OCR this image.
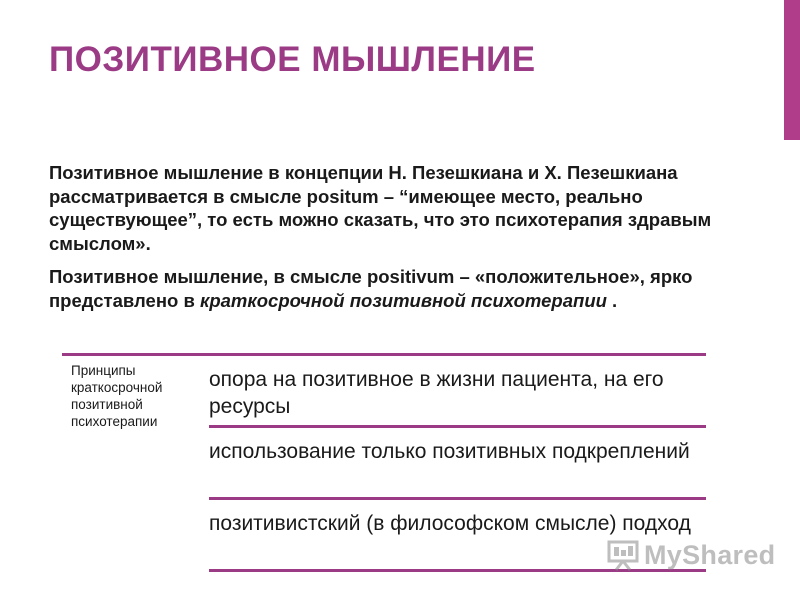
ПОЗИТИВНОЕ МЫШЛЕНИЕ

Позитивное мышление в концепции Н. Пезешкиана и Х. Пезешкиана рассматривается в смысле positum – “имеющее место, реально существующее”, то есть можно сказать, что это психотерапия здравым смыслом».

Позитивное мышление, в смысле positivum – «положительное», ярко представлено в краткосрочной позитивной психотерапии .

Принципы краткосрочной позитивной психотерапии
опора на позитивное в жизни пациента, на его ресурсы
использование только позитивных подкреплений
позитивистский (в философском смысле) подход
MyShared
